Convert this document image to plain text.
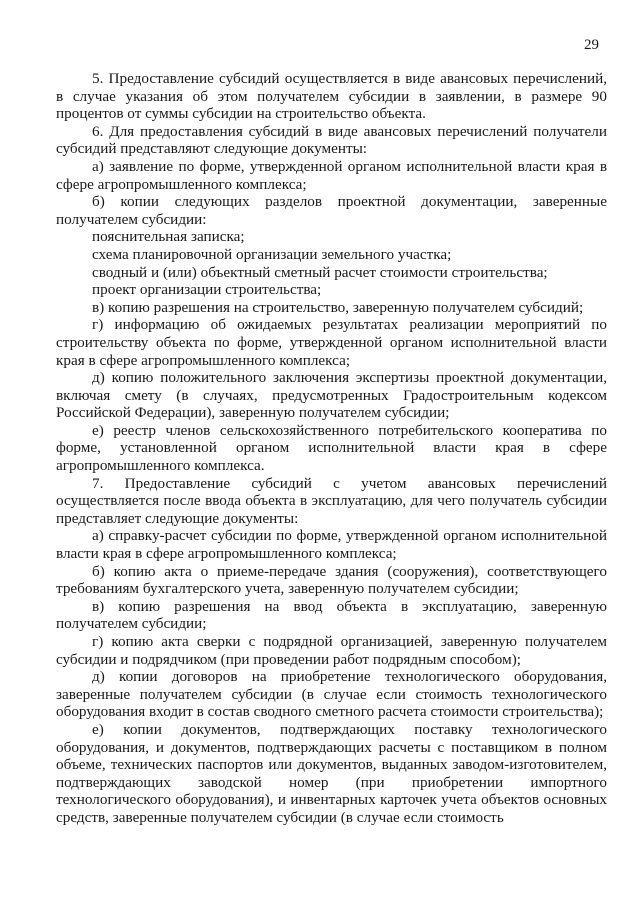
29

5. Предоставление субсидий осуществляется в виде авансовых перечислений, в случае указания об этом получателем субсидии в заявлении, в размере 90 процентов от суммы субсидии на строительство объекта.

6. Для предоставления субсидий в виде авансовых перечислений получатели субсидий представляют следующие документы:

а) заявление по форме, утвержденной органом исполнительной власти края в сфере агропромышленного комплекса;

б) копии следующих разделов проектной документации, заверенные получателем субсидии:

пояснительная записка;

схема планировочной организации земельного участка;

сводный и (или) объектный сметный расчет стоимости строительства;

проект организации строительства;

в) копию разрешения на строительство, заверенную получателем субсидий;

г) информацию об ожидаемых результатах реализации мероприятий по строительству объекта по форме, утвержденной органом исполнительной власти края в сфере агропромышленного комплекса;

д) копию положительного заключения экспертизы проектной документации, включая смету (в случаях, предусмотренных Градостроительным кодексом Российской Федерации), заверенную получателем субсидии;

е) реестр членов сельскохозяйственного потребительского кооператива по форме, установленной органом исполнительной власти края в сфере агропромышленного комплекса.

7. Предоставление субсидий с учетом авансовых перечислений осуществляется после ввода объекта в эксплуатацию, для чего получатель субсидии представляет следующие документы:

а) справку-расчет субсидии по форме, утвержденной органом исполнительной власти края в сфере агропромышленного комплекса;

б) копию акта о приеме-передаче здания (сооружения), соответствующего требованиям бухгалтерского учета, заверенную получателем субсидии;

в) копию разрешения на ввод объекта в эксплуатацию, заверенную получателем субсидии;

г) копию акта сверки с подрядной организацией, заверенную получателем субсидии и подрядчиком (при проведении работ подрядным способом);

д) копии договоров на приобретение технологического оборудования, заверенные получателем субсидии (в случае если стоимость технологического оборудования входит в состав сводного сметного расчета стоимости строительства);

е) копии документов, подтверждающих поставку технологического оборудования, и документов, подтверждающих расчеты с поставщиком в полном объеме, технических паспортов или документов, выданных заводом-изготовителем, подтверждающих заводской номер (при приобретении импортного технологического оборудования), и инвентарных карточек учета объектов основных средств, заверенные получателем субсидии (в случае если стоимость
